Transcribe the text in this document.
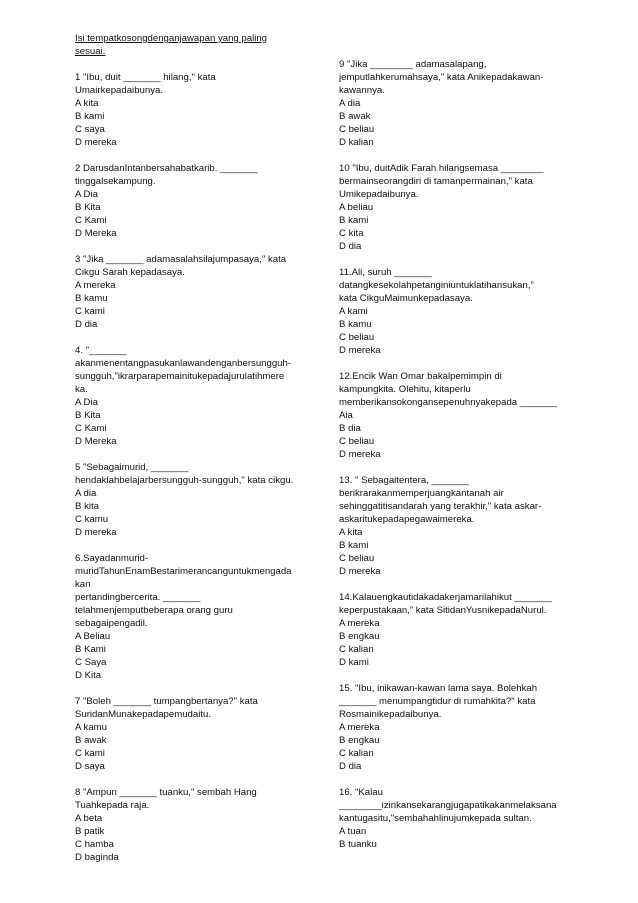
Isi tempatkosongdenganjawapan yang paling
sesuai.
1 "Ibu, duit _______ hilang," kata
Umairkepadaibunya.
A kita
B kami
C saya
D mereka
2 DarusdanIntanbersahabatkarib. _______
tinggalsekampung.
A Dia
B Kita
C Kami
D Mereka
3 "Jika _______ adamasalahsilajumpasaya," kata
Cikgu Sarah kepadasaya.
A mereka
B kamu
C kami
D dia
4. "_______
akanmenentangpasukanlawandenganbersungguh-
sungguh,"ikrarparapemainitukepadajurulatihmere
ka.
A Dia
B Kita
C Kami
D Mereka
5 "Sebagaimurid, _______
hendaklahbelajarbersungguh-sungguh," kata cikgu.
A dia
B kita
C kamu
D mereka
6.Sayadanmurid-
muridTahunEnamBestarimerancanguntukmengada
kan
pertandingbercerita. _______
telahmenjemputbeberapa orang guru
sebagaipengadil.
A Beliau
B Kami
C Saya
D Kita
7 "Boleh _______ tumpangbertanya?" kata
SuridanMunakepadapemudaitu.
A kamu
B awak
C kami
D saya
8 "Ampun _______ tuanku," sembah Hang
Tuahkepada raja.
A beta
B patik
C hamba
D baginda
9 "Jika ________ adamasalapang,
jemputlahkerumahsaya," kata Anikepadakawan-
kawannya.
A dia
B awak
C beliau
D kalian
10 "Ibu, duitAdik Farah hilangsemasa ________
bermainseorangdiri di tamanpermainan," kata
Umikepadaibunya.
A beliau
B kami
C kita
D dia
11.Ali, suruh _______
datangkesekolahpetanginiuntuklatihansukan,”
kata CikguMaimunkepadasaya.
A kami
B kamu
C beliau
D mereka
12.Encik Wan Omar bakalpemimpin di
kampungkita. Olehitu, kitaperlu
memberikansokongansepenuhnyakepada _______
Aia
B dia
C beliau
D mereka
13. " Sebagaitentera, _______
berikrarakanmemperjuangkantanah air
sehinggatitisandarah yang terakhir," kata askar-
askaritukepadapegawaimereka.
A kita
B kami
C beliau
D mereka
14.Kalauengkautidakadakerjamarilahikut _______
keperpustakaan,” kata SitidanYusnikepadaNurul.
A mereka
B engkau
C kalian
D kami
15. "Ibu, inikawan-kawan lama saya. Bolehkah
_______ menumpangtidur di rumahkita?" kata
Rosmainikepadaibunya.
A mereka
B engkau
C kalian
D dia
16. "Kalau
________izinkansekarangjugapatikakanmelaksana
kantugasitu,"sembahahlinujumkepada sultan.
A tuan
B tuanku
